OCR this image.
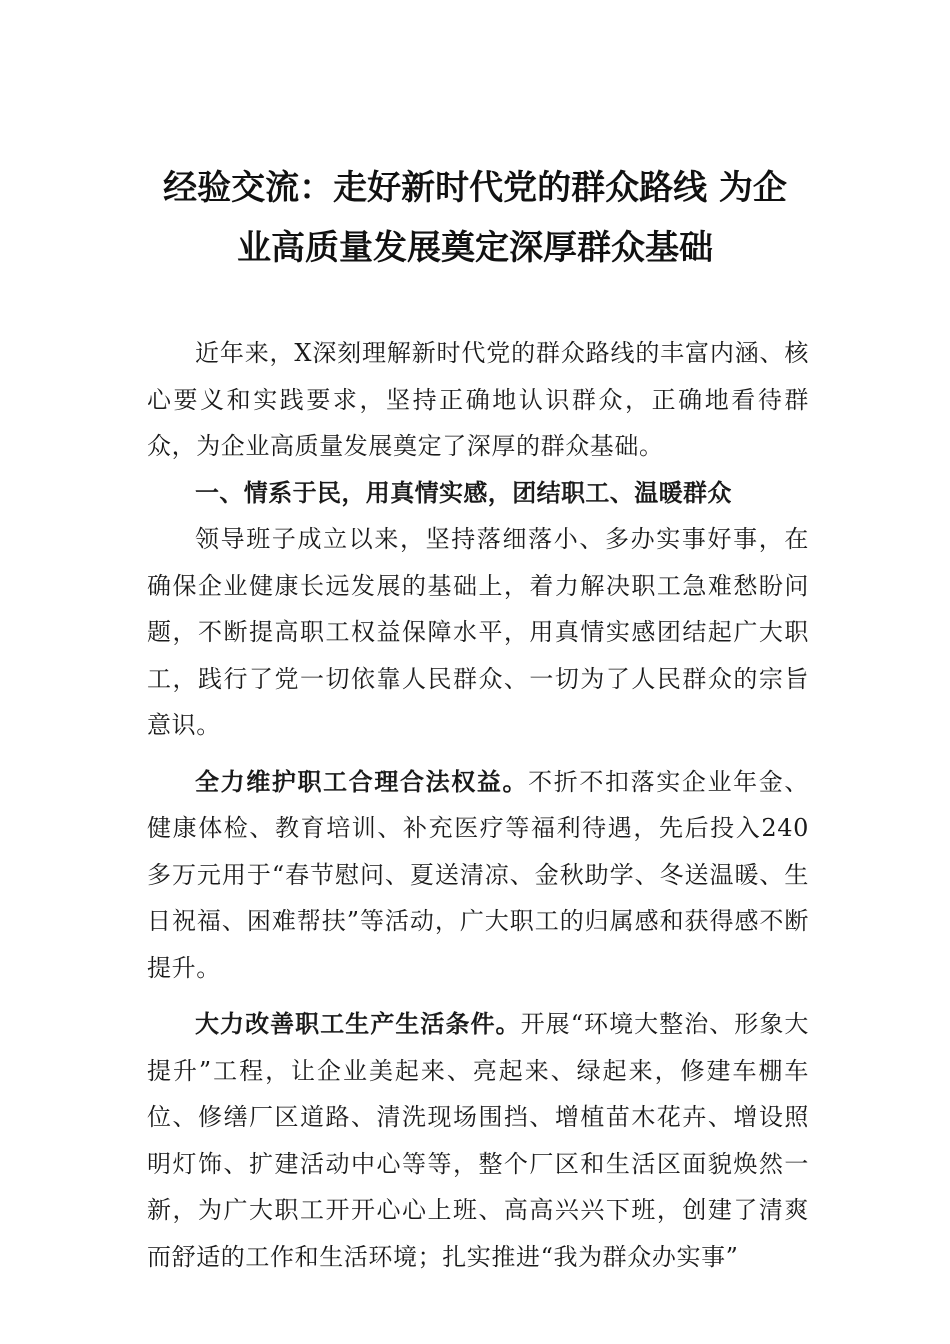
经验交流：走好新时代党的群众路线 为企
业高质量发展奠定深厚群众基础

近年来，X深刻理解新时代党的群众路线的丰富内涵、核心要义和实践要求，坚持正确地认识群众，正确地看待群众，为企业高质量发展奠定了深厚的群众基础。

一、情系于民，用真情实感，团结职工、温暖群众

领导班子成立以来，坚持落细落小、多办实事好事，在确保企业健康长远发展的基础上，着力解决职工急难愁盼问题，不断提高职工权益保障水平，用真情实感团结起广大职工，践行了党一切依靠人民群众、一切为了人民群众的宗旨意识。

全力维护职工合理合法权益。不折不扣落实企业年金、健康体检、教育培训、补充医疗等福利待遇，先后投入240多万元用于“春节慰问、夏送清凉、金秋助学、冬送温暖、生日祝福、困难帮扶”等活动，广大职工的归属感和获得感不断提升。

大力改善职工生产生活条件。开展“环境大整治、形象大提升”工程，让企业美起来、亮起来、绿起来，修建车棚车位、修缮厂区道路、清洗现场围挡、增植苗木花卉、增设照明灯饰、扩建活动中心等等，整个厂区和生活区面貌焕然一新，为广大职工开开心心上班、高高兴兴下班，创建了清爽而舒适的工作和生活环境；扎实推进“我为群众办实事”
